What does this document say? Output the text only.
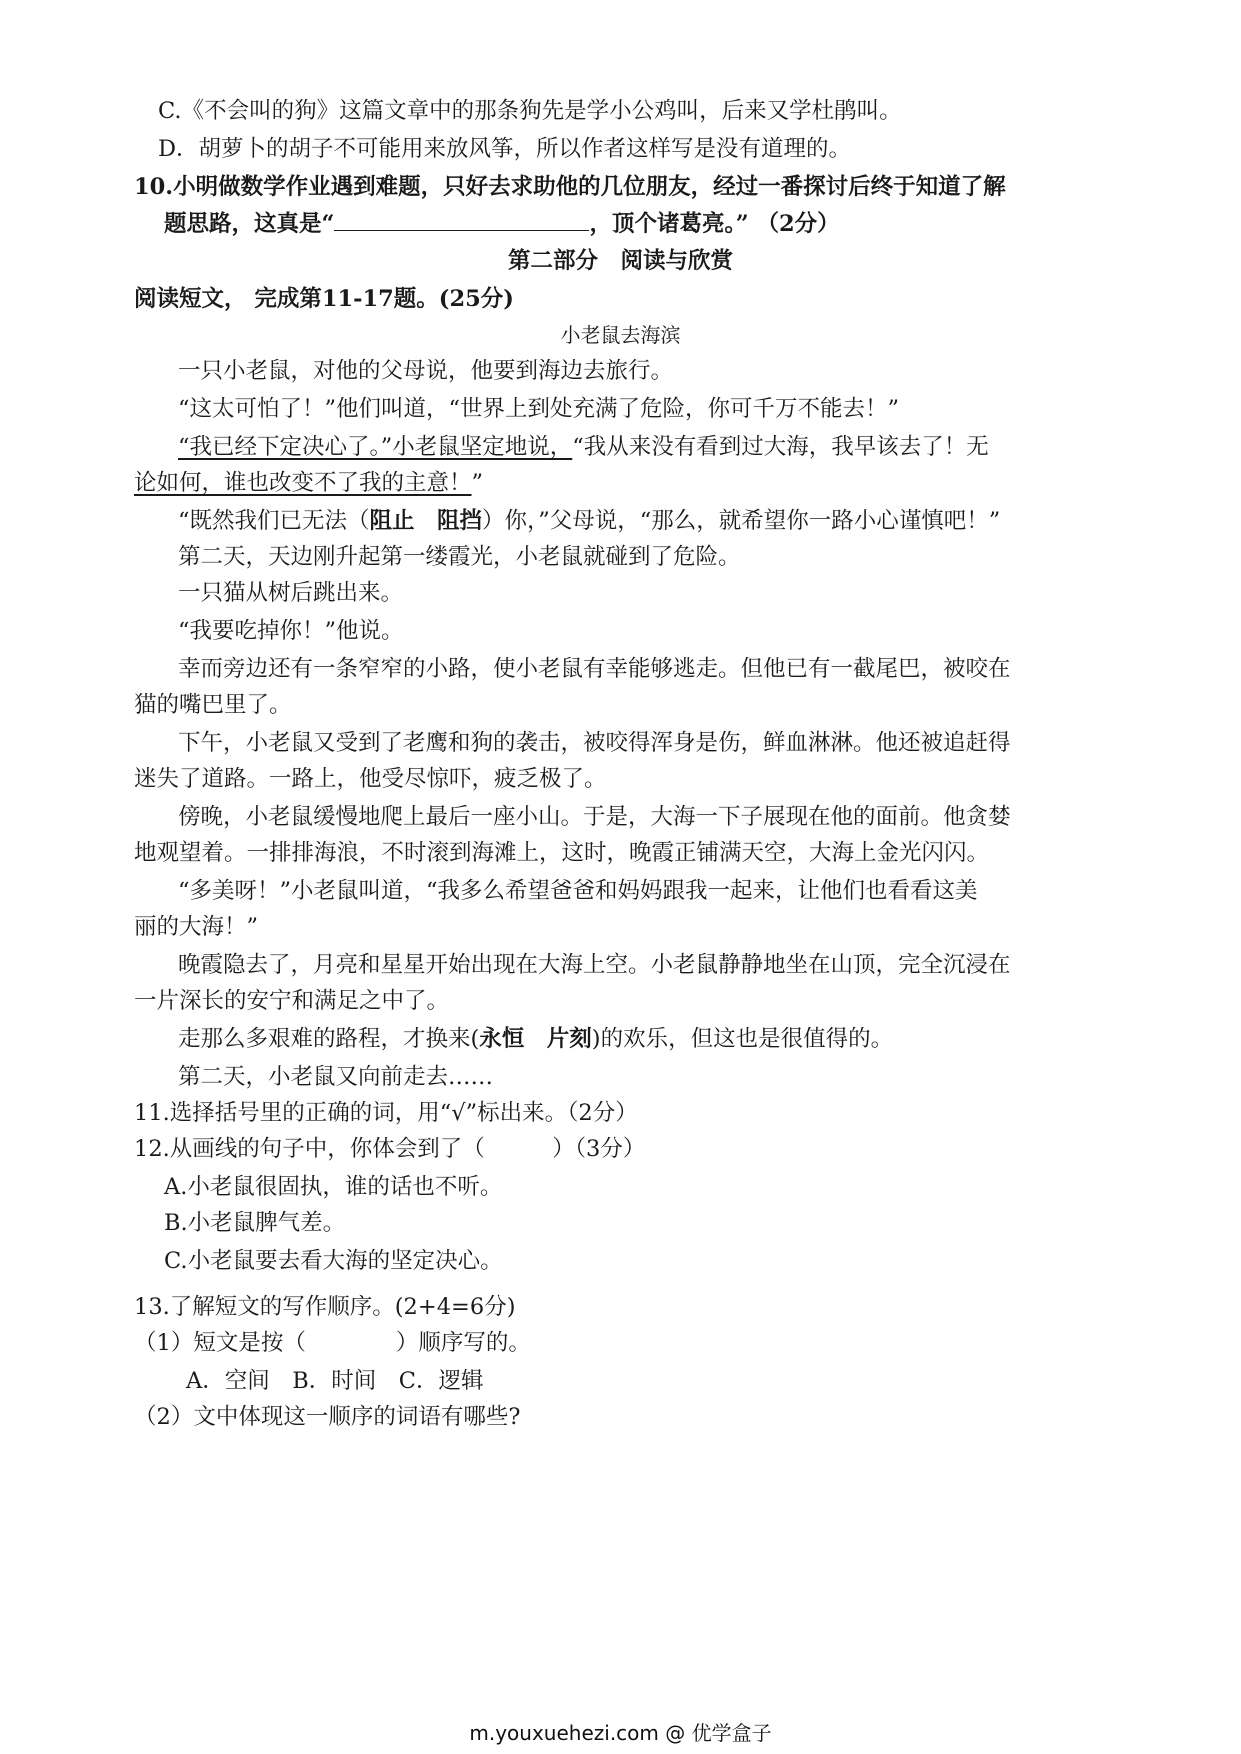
C.《不会叫的狗》这篇文章中的那条狗先是学小公鸡叫，后来又学杜鹃叫。
D．胡萝卜的胡子不可能用来放风筝，所以作者这样写是没有道理的。
10.小明做数学作业遇到难题，只好去求助他的几位朋友，经过一番探讨后终于知道了解
题思路，这真是“	，顶个诸葛亮。” （2分）
第二部分　阅读与欣赏
阅读短文， 完成第11-17题。(25分)
小老鼠去海滨
一只小老鼠，对他的父母说，他要到海边去旅行。
“这太可怕了！”他们叫道，“世界上到处充满了危险，你可千万不能去！”
“我已经下定决心了。”小老鼠坚定地说，“我从来没有看到过大海，我早该去了！无
论如何，谁也改变不了我的主意！”
“既然我们已无法（阻止　阻挡）你，”父母说，“那么，就希望你一路小心谨慎吧！”
第二天，天边刚升起第一缕霞光，小老鼠就碰到了危险。
一只猫从树后跳出来。
“我要吃掉你！”他说。
幸而旁边还有一条窄窄的小路，使小老鼠有幸能够逃走。但他已有一截尾巴，被咬在
猫的嘴巴里了。
下午，小老鼠又受到了老鹰和狗的袭击，被咬得浑身是伤，鲜血淋淋。他还被追赶得
迷失了道路。一路上，他受尽惊吓，疲乏极了。
傍晚，小老鼠缓慢地爬上最后一座小山。于是，大海一下子展现在他的面前。他贪婪
地观望着。一排排海浪，不时滚到海滩上，这时，晚霞正铺满天空，大海上金光闪闪。
“多美呀！”小老鼠叫道，“我多么希望爸爸和妈妈跟我一起来，让他们也看看这美
丽的大海！”
晚霞隐去了，月亮和星星开始出现在大海上空。小老鼠静静地坐在山顶，完全沉浸在
一片深长的安宁和满足之中了。
走那么多艰难的路程，才换来(永恒　片刻)的欢乐，但这也是很值得的。
第二天，小老鼠又向前走去……
11.选择括号里的正确的词，用“√”标出来。（2分）
12.从画线的句子中，你体会到了（　　　）（3分）
A.小老鼠很固执，谁的话也不听。
B.小老鼠脾气差。
C.小老鼠要去看大海的坚定决心。
13.了解短文的写作顺序。(2+4=6分)
（1）短文是按（　　　　）顺序写的。
A．空间　B．时间　C．逻辑
（2）文中体现这一顺序的词语有哪些?
m.youxuehezi.com @ 优学盒子
